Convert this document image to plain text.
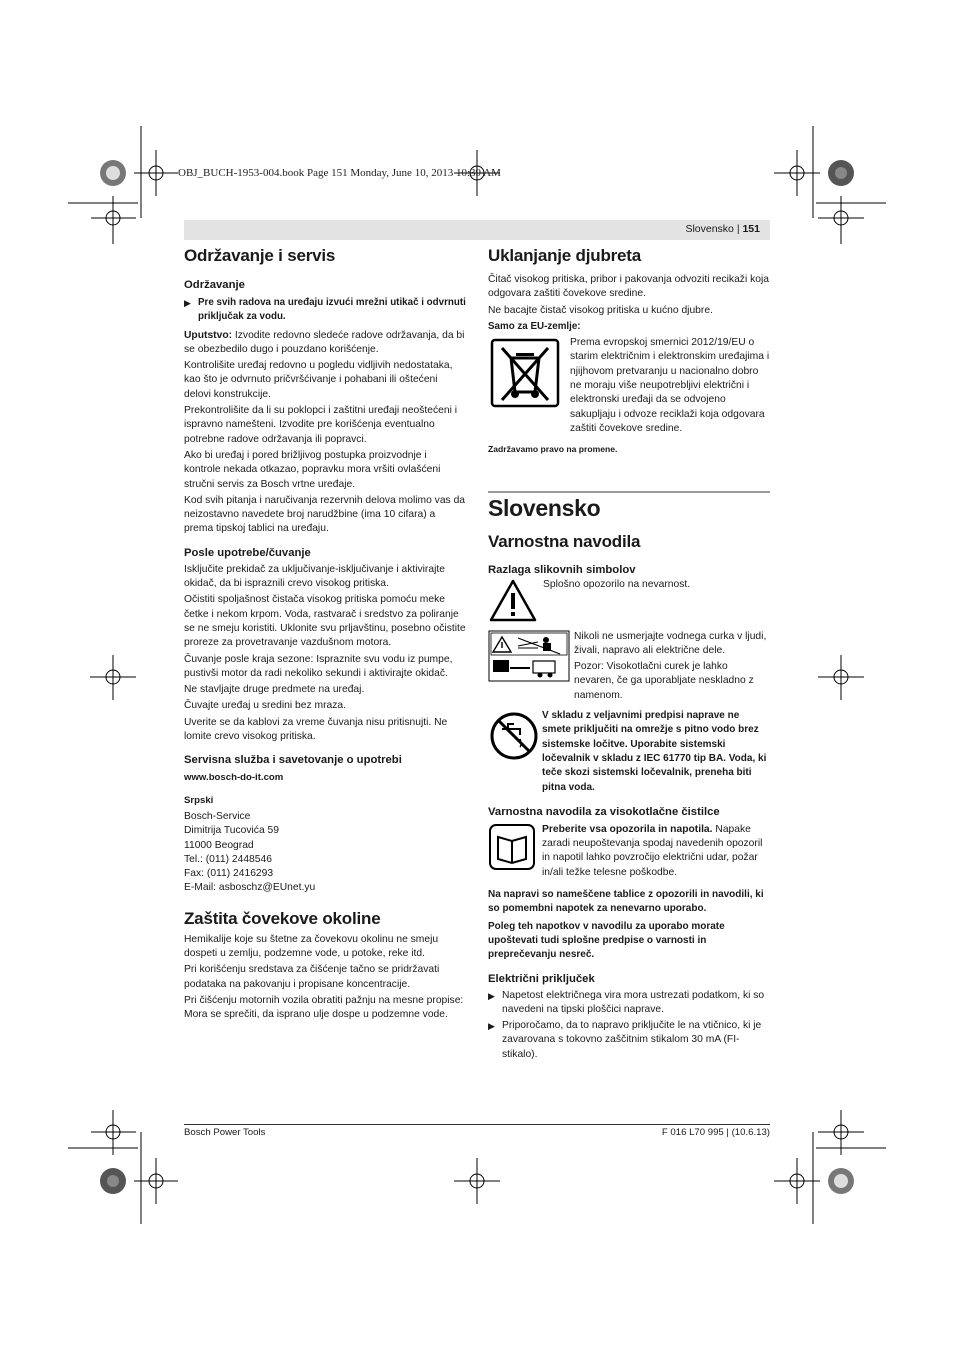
OBJ_BUCH-1953-004.book Page 151 Monday, June 10, 2013 10:39 AM
Slovensko | 151
Održavanje i servis
Održavanje
▶ Pre svih radova na uređaju izvući mrežni utikač i odvrnuti priključak za vodu.

Uputstvo: Izvodite redovno sledeće radove održavanja, da bi se obezbedilo dugo i pouzdano korišćenje.

Kontrolišite uređaj redovno u pogledu vidljivih nedostataka, kao što je odvrnuto pričvršćivanje i pohabani ili oštećeni delovi konstrukcije.

Prekontrolišite da li su poklopci i zaštitni uređaji neoštećeni i ispravno namešteni. Izvodite pre korišćenja eventualno potrebne radove održavanja ili popravci.

Ako bi uređaj i pored brižljivog postupka proizvodnje i kontrole nekada otkazao, popravku mora vršiti ovlašćeni stručni servis za Bosch vrtne uređaje.

Kod svih pitanja i naručivanja rezervnih delova molimo vas da neizostavno navedete broj narudžbine (ima 10 cifara) a prema tipskoj tablici na uređaju.

Posle upotrebe/čuvanje

Isključite prekidač za uključivanje-isključivanje i aktivirajte okidač, da bi ispraznili crevo visokog pritiska.

Očistiti spoljašnost čistača visokog pritiska pomoću meke četke i nekom krpom. Voda, rastvarač i sredstvo za poliranje se ne smeju koristiti. Uklonite svu prljavštinu, posebno očistite proreze za provetravanje vazdušnom motora.

Čuvanje posle kraja sezone: Ispraznite svu vodu iz pumpe, pustivši motor da radi nekoliko sekundi i aktivirajte okidač.

Ne stavljajte druge predmete na uređaj.

Čuvajte uređaj u sredini bez mraza.

Uverite se da kablovi za vreme čuvanja nisu pritisnujti. Ne lomite crevo visokog pritiska.

Servisna služba i savetovanje o upotrebi

www.bosch-do-it.com

Srpski

Bosch-Service
Dimitrija Tucovića 59
11000 Beograd
Tel.: (011) 2448546
Fax: (011) 2416293
E-Mail: asboschz@EUnet.yu
Zaštita čovekove okoline

Hemikalije koje su štetne za čovekovu okolinu ne smeju dospeti u zemlju, podzemne vode, u potoke, reke itd.

Pri korišćenju sredstava za čišćenje tačno se pridržavati podataka na pakovanju i propisane koncentracije.

Pri čišćenju motornih vozila obratiti pažnju na mesne propise: Mora se sprečiti, da isprano ulje dospe u podzemne vode.

Uklanjanje djubreta

Čitač visokog pritiska, pribor i pakovanja odvoziti recikaži koja odgovara zaštiti čovekove sredine.

Ne bacajte čistač visokog pritiska u kućno djubre.

Samo za EU-zemlje:

Prema evropskoj smernici 2012/19/EU o starim električnim i elektronskim uređajima i njijhovom pretvaranju u nacionalno dobro ne moraju više neupotrebljivi električni i elektronski uređaji da se odvojeno sakupljaju i odvoze reciklaži koja odgovara zaštiti čovekove sredine.

Zadržavamo pravo na promene.

Slovensko
Varnostna navodila
Razlaga slikovnih simbolov

Splošno opozorilo na nevarnost.

Nikoli ne usmerjajte vodnega curka v ljudi, živali, napravo ali električne dele.

Pozor: Visokotlačni curek je lahko nevaren, če ga uporabljate neskladno z namenom.

V skladu z veljavnimi predpisi naprave ne smete priključiti na omrežje s pitno vodo brez sistemske ločitve. Uporabite sistemski ločevalnik v skladu z IEC 61770 tip BA. Voda, ki teče skozi sistemski ločevalnik, preneha biti pitna voda.

Varnostna navodila za visokotlačne čistilce

Preberite vsa opozorila in napotila. Napake zaradi neupoštevanja spodaj navedenih opozoril in napotil lahko povzročijo električni udar, požar in/ali težke telesne poškodbe.

Na napravi so nameščene tablice z opozorili in navodili, ki so pomembni napotek za nenevarno uporabo.

Poleg teh napotkov v navodilu za uporabo morate upoštevati tudi splošne predpise o varnosti in preprečevanju nesreč.

Električni priključek
▶ Napetost električnega vira mora ustrezati podatkom, ki so navedeni na tipski ploščici naprave.
▶ Priporočamo, da to napravo priključite le na vtičnico, ki je zavarovana s tokovno zaščitnim stikalom 30 mA (FI-stikalo).
Bosch Power Tools	F 016 L70 995 | (10.6.13)
